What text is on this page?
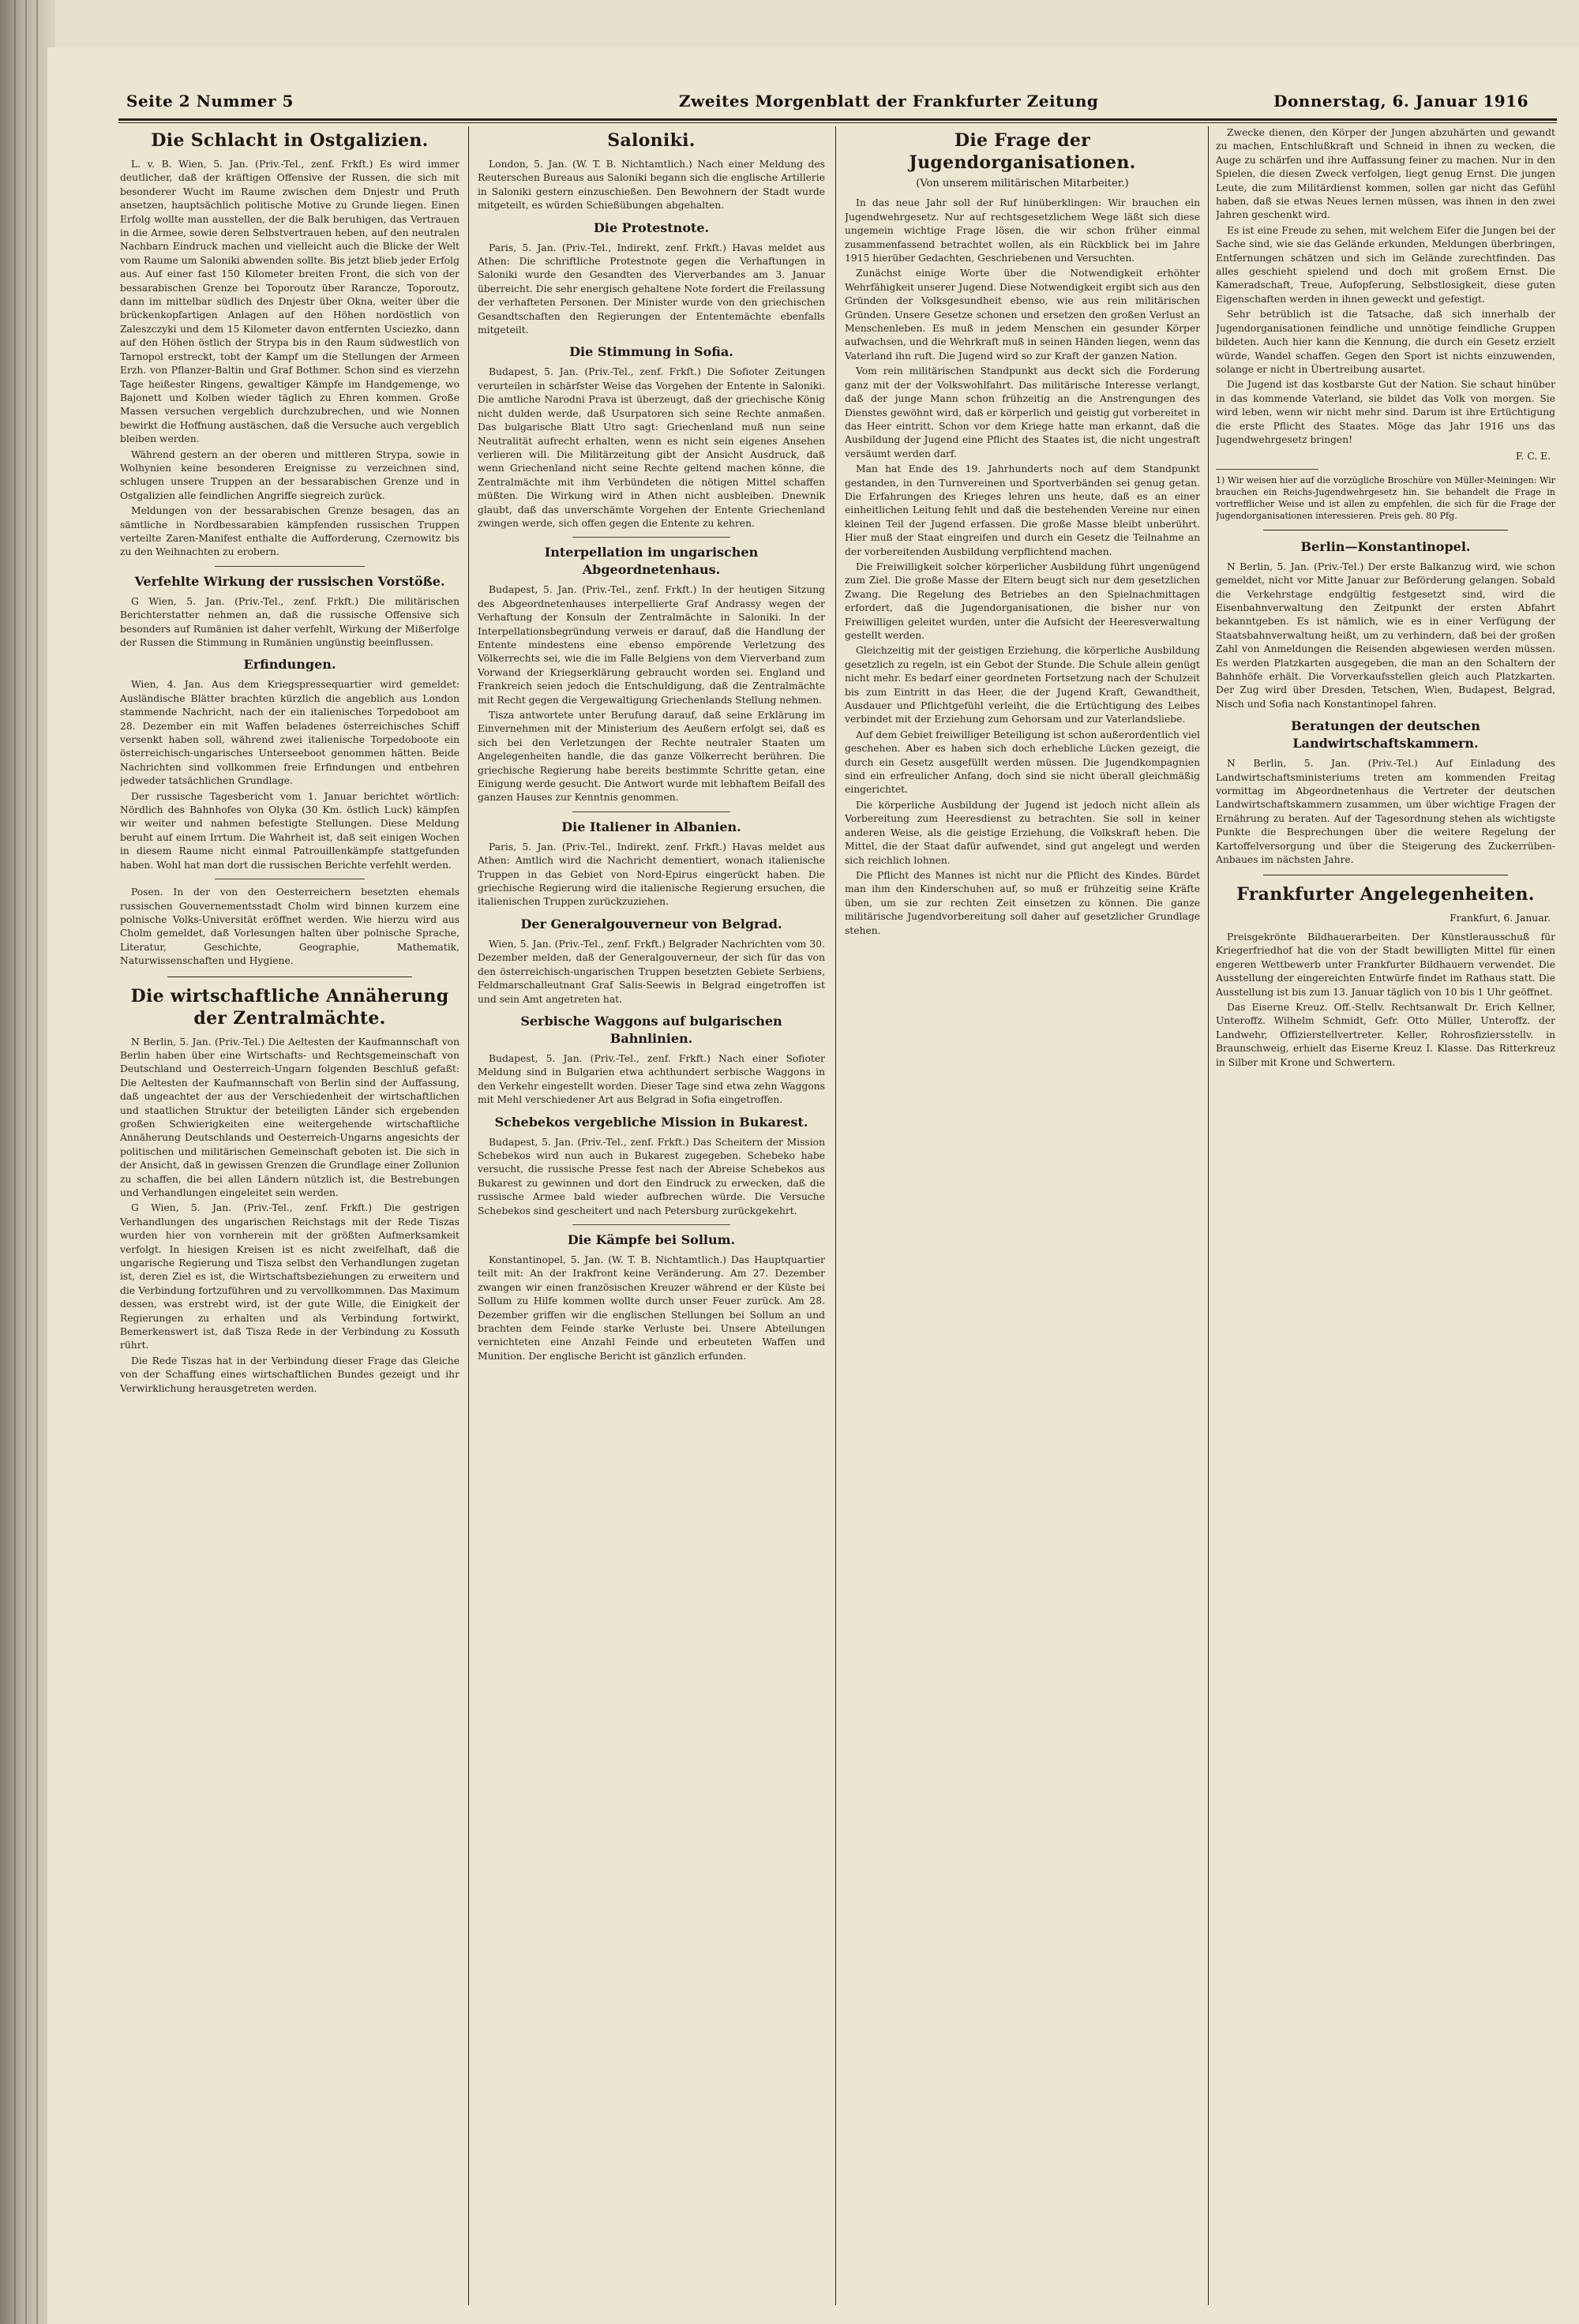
Seite 2 Nummer 5	Zweites Morgenblatt der Frankfurter Zeitung	Donnerstag, 6. Januar 1916
Die Schlacht in Ostgalizien.

L. v. B. Wien, 5. Jan. (Priv.-Tel., zenf. Frkft.) Es wird immer deutlicher, daß der kräftigen Offensive der Russen, die sich mit besonderer Wucht im Raume zwischen dem Dnjestr und Pruth ansetzen, hauptsächlich politische Motive zu Grunde liegen. Einen Erfolg wollte man ausstellen, der die Balk beruhigen, das Vertrauen in die Armee, sowie deren Selbstvertrauen heben, auf den neutralen Nachbarn Eindruck machen und vielleicht auch die Blicke der Welt vom Raume um Saloniki abwenden sollte. Bis jetzt blieb jeder Erfolg aus. Auf einer fast 150 Kilometer breiten Front, die sich von der bessarabischen Grenze bei Toporoutz über Rarancze, Toporoutz, dann im mittelbar südlich des Dnjestr über Okna, weiter über die brückenkopfartigen Anlagen auf den Höhen nordöstlich von Zaleszczyki und dem 15 Kilometer davon entfernten Usciezko, dann auf den Höhen östlich der Strypa bis in den Raum südwestlich von Tarnopol erstreckt, tobt der Kampf um die Stellungen der Armeen Erzh. von Pflanzer-Baltin und Graf Bothmer. Schon sind es vierzehn Tage heißester Ringens, gewaltiger Kämpfe im Handgemenge, wo Bajonett und Kolben wieder täglich zu Ehren kommen. Große Massen versuchen vergeblich durchzubrechen, und wie Nonnen bewirkt die Hoffnung austäschen, daß die Versuche auch vergeblich bleiben werden.

Während gestern an der oberen und mittleren Strypa, sowie in Wolhynien keine besonderen Ereignisse zu verzeichnen sind, schlugen unsere Truppen an der bessarabischen Grenze und in Ostgalizien alle feindlichen Angriffe siegreich zurück.

Meldungen von der bessarabischen Grenze besagen, das an sämtliche in Nordbessarabien kämpfenden russischen Truppen verteilte Zaren-Manifest enthalte die Aufforderung, Czernowitz bis zu den Weihnachten zu erobern.

Verfehlte Wirkung der russischen Vorstöße.

G Wien, 5. Jan. (Priv.-Tel., zenf. Frkft.) Die militärischen Berichterstatter nehmen an, daß die russische Offensive sich besonders auf Rumänien ist daher verfehlt, Wirkung der Mißerfolge der Russen die Stimmung in Rumänien ungünstig beeinflussen.

Erfindungen.

Wien, 4. Jan. Aus dem Kriegspressequartier wird gemeldet: Ausländische Blätter brachten kürzlich die angeblich aus London stammende Nachricht, nach der ein italienisches Torpedoboot am 28. Dezember ein mit Waffen beladenes österreichisches Schiff versenkt haben soll, während zwei italienische Torpedoboote ein österreichisch-ungarisches Unterseeboot genommen hätten. Beide Nachrichten sind vollkommen freie Erfindungen und entbehren jedweder tatsächlichen Grundlage.

Der russische Tagesbericht vom 1. Januar berichtet wörtlich: Nördlich des Bahnhofes von Olyka (30 Km. östlich Luck) kämpfen wir weiter und nahmen befestigte Stellungen. Diese Meldung beruht auf einem Irrtum. Die Wahrheit ist, daß seit einigen Wochen in diesem Raume nicht einmal Patrouillenkämpfe stattgefunden haben. Wohl hat man dort die russischen Berichte verfehlt werden.

Posen. In der von den Oesterreichern besetzten ehemals russischen Gouvernementsstadt Cholm wird binnen kurzem eine polnische Volks-Universität eröffnet werden. Wie hierzu wird aus Cholm gemeldet, daß Vorlesungen halten über polnische Sprache, Literatur, Geschichte, Geographie, Mathematik, Naturwissenschaften und Hygiene.

Die wirtschaftliche Annäherung der Zentralmächte.

N Berlin, 5. Jan. (Priv.-Tel.) Die Aeltesten der Kaufmannschaft von Berlin haben über eine Wirtschafts- und Rechtsgemeinschaft von Deutschland und Oesterreich-Ungarn folgenden Beschluß gefaßt: Die Aeltesten der Kaufmannschaft von Berlin sind der Auffassung, daß ungeachtet der aus der Verschiedenheit der wirtschaftlichen und staatlichen Struktur der beteiligten Länder sich ergebenden großen Schwierigkeiten eine weitergehende wirtschaftliche Annäherung Deutschlands und Oesterreich-Ungarns angesichts der politischen und militärischen Gemeinschaft geboten ist. Die sich in der Ansicht, daß in gewissen Grenzen die Grundlage einer Zollunion zu schaffen, die bei allen Ländern nützlich ist, die Bestrebungen und Verhandlungen eingeleitet sein werden.

G Wien, 5. Jan. (Priv.-Tel., zenf. Frkft.) Die gestrigen Verhandlungen des ungarischen Reichstags mit der Rede Tiszas wurden hier von vornherein mit der größten Aufmerksamkeit verfolgt. In hiesigen Kreisen ist es nicht zweifelhaft, daß die ungarische Regierung und Tisza selbst den Verhandlungen zugetan ist, deren Ziel es ist, die Wirtschaftsbeziehungen zu erweitern und die Verbindung fortzuführen und zu vervollkommnen. Das Maximum dessen, was erstrebt wird, ist der gute Wille, die Einigkeit der Regierungen zu erhalten und als Verbindung fortwirkt, Bemerkenswert ist, daß Tisza Rede in der Verbindung zu Kossuth rührt.

Die Rede Tiszas hat in der Verbindung dieser Frage das Gleiche von der Schaffung eines wirtschaftlichen Bundes gezeigt und ihr Verwirklichung herausgetreten werden.

Saloniki.

London, 5. Jan. (W. T. B. Nichtamtlich.) Nach einer Meldung des Reuterschen Bureaus aus Saloniki begann sich die englische Artillerie in Saloniki gestern einzuschießen. Den Bewohnern der Stadt wurde mitgeteilt, es würden Schießübungen abgehalten.

Die Protestnote.

Paris, 5. Jan. (Priv.-Tel., Indirekt, zenf. Frkft.) Havas meldet aus Athen: Die schriftliche Protestnote gegen die Verhaftungen in Saloniki wurde den Gesandten des Vierverbandes am 3. Januar überreicht. Die sehr energisch gehaltene Note fordert die Freilassung der verhafteten Personen. Der Minister wurde von den griechischen Gesandtschaften den Regierungen der Ententemächte ebenfalls mitgeteilt.

Die Stimmung in Sofia.

Budapest, 5. Jan. (Priv.-Tel., zenf. Frkft.) Die Sofioter Zeitungen verurteilen in schärfster Weise das Vorgehen der Entente in Saloniki. Die amtliche Narodni Prava ist überzeugt, daß der griechische König nicht dulden werde, daß Usurpatoren sich seine Rechte anmaßen. Das bulgarische Blatt Utro sagt: Griechenland muß nun seine Neutralität aufrecht erhalten, wenn es nicht sein eigenes Ansehen verlieren will. Die Militärzeitung gibt der Ansicht Ausdruck, daß wenn Griechenland nicht seine Rechte geltend machen könne, die Zentralmächte mit ihm Verbündeten die nötigen Mittel schaffen müßten. Die Wirkung wird in Athen nicht ausbleiben. Dnewnik glaubt, daß das unverschämte Vorgehen der Entente Griechenland zwingen werde, sich offen gegen die Entente zu kehren.

Interpellation im ungarischen Abgeordnetenhaus.

Budapest, 5. Jan. (Priv.-Tel., zenf. Frkft.) In der heutigen Sitzung des Abgeordnetenhauses interpellierte Graf Andrassy wegen der Verhaftung der Konsuln der Zentralmächte in Saloniki. In der Interpellationsbegründung verweis er darauf, daß die Handlung der Entente mindestens eine ebenso empörende Verletzung des Völkerrechts sei, wie die im Falle Belgiens von dem Vierverband zum Vorwand der Kriegserklärung gebraucht worden sei. England und Frankreich seien jedoch die Entschuldigung, daß die Zentralmächte mit Recht gegen die Vergewaltigung Griechenlands Stellung nehmen.

Tisza antwortete unter Berufung darauf, daß seine Erklärung im Einvernehmen mit der Ministerium des Aeußern erfolgt sei, daß es sich bei den Verletzungen der Rechte neutraler Staaten um Angelegenheiten handle, die das ganze Völkerrecht berühren. Die griechische Regierung habe bereits bestimmte Schritte getan, eine Einigung werde gesucht. Die Antwort wurde mit lebhaftem Beifall des ganzen Hauses zur Kenntnis genommen.

Die Italiener in Albanien.

Paris, 5. Jan. (Priv.-Tel., Indirekt, zenf. Frkft.) Havas meldet aus Athen: Amtlich wird die Nachricht dementiert, wonach italienische Truppen in das Gebiet von Nord-Epirus eingerückt haben. Die griechische Regierung wird die italienische Regierung ersuchen, die italienischen Truppen zurückzuziehen.

Der Generalgouverneur von Belgrad.

Wien, 5. Jan. (Priv.-Tel., zenf. Frkft.) Belgrader Nachrichten vom 30. Dezember melden, daß der Generalgouverneur, der sich für das von den österreichisch-ungarischen Truppen besetzten Gebiete Serbiens, Feldmarschalleutnant Graf Salis-Seewis in Belgrad eingetroffen ist und sein Amt angetreten hat.

Serbische Waggons auf bulgarischen Bahnlinien.

Budapest, 5. Jan. (Priv.-Tel., zenf. Frkft.) Nach einer Sofioter Meldung sind in Bulgarien etwa achthundert serbische Waggons in den Verkehr eingestellt worden. Dieser Tage sind etwa zehn Waggons mit Mehl verschiedener Art aus Belgrad in Sofia eingetroffen.

Schebekos vergebliche Mission in Bukarest.

Budapest, 5. Jan. (Priv.-Tel., zenf. Frkft.) Das Scheitern der Mission Schebekos wird nun auch in Bukarest zugegeben. Schebeko habe versucht, die russische Presse fest nach der Abreise Schebekos aus Bukarest zu gewinnen und dort den Eindruck zu erwecken, daß die russische Armee bald wieder aufbrechen würde. Die Versuche Schebekos sind gescheitert und nach Petersburg zurückgekehrt.

Die Kämpfe bei Sollum.

Konstantinopel, 5. Jan. (W. T. B. Nichtamtlich.) Das Hauptquartier teilt mit: An der Irakfront keine Veränderung. Am 27. Dezember zwangen wir einen französischen Kreuzer während er der Küste bei Sollum zu Hilfe kommen wollte durch unser Feuer zurück. Am 28. Dezember griffen wir die englischen Stellungen bei Sollum an und brachten dem Feinde starke Verluste bei. Unsere Abteilungen vernichteten eine Anzahl Feinde und erbeuteten Waffen und Munition. Der englische Bericht ist gänzlich erfunden.

Die Frage der Jugendorganisationen.
(Von unserem militärischen Mitarbeiter.)

In das neue Jahr soll der Ruf hinüberklingen: Wir brauchen ein Jugendwehrgesetz. Nur auf rechtsgesetzlichem Wege läßt sich diese ungemein wichtige Frage lösen, die wir schon früher einmal zusammenfassend betrachtet wollen, als ein Rückblick bei im Jahre 1915 hierüber Gedachten, Geschriebenen und Versuchten.

Zunächst einige Worte über die Notwendigkeit erhöhter Wehrfähigkeit unserer Jugend. Diese Notwendigkeit ergibt sich aus den Gründen der Volksgesundheit ebenso, wie aus rein militärischen Gründen. Unsere Gesetze schonen und ersetzen den großen Verlust an Menschenleben. Es muß in jedem Menschen ein gesunder Körper aufwachsen, und die Wehrkraft muß in seinen Händen liegen, wenn das Vaterland ihn ruft. Die Jugend wird so zur Kraft der ganzen Nation.

Vom rein militärischen Standpunkt aus deckt sich die Forderung ganz mit der der Volkswohlfahrt. Das militärische Interesse verlangt, daß der junge Mann schon frühzeitig an die Anstrengungen des Dienstes gewöhnt wird, daß er körperlich und geistig gut vorbereitet in das Heer eintritt. Schon vor dem Kriege hatte man erkannt, daß die Ausbildung der Jugend eine Pflicht des Staates ist, die nicht ungestraft versäumt werden darf.

Man hat Ende des 19. Jahrhunderts noch auf dem Standpunkt gestanden, in den Turnvereinen und Sportverbänden sei genug getan. Die Erfahrungen des Krieges lehren uns heute, daß es an einer einheitlichen Leitung fehlt und daß die bestehenden Vereine nur einen kleinen Teil der Jugend erfassen. Die große Masse bleibt unberührt. Hier muß der Staat eingreifen und durch ein Gesetz die Teilnahme an der vorbereitenden Ausbildung verpflichtend machen.

Die Freiwilligkeit solcher körperlicher Ausbildung führt ungenügend zum Ziel. Die große Masse der Eltern beugt sich nur dem gesetzlichen Zwang. Die Regelung des Betriebes an den Spielnachmittagen erfordert, daß die Jugendorganisationen, die bisher nur von Freiwilligen geleitet wurden, unter die Aufsicht der Heeresverwaltung gestellt werden.

Gleichzeitig mit der geistigen Erziehung, die körperliche Ausbildung gesetzlich zu regeln, ist ein Gebot der Stunde. Die Schule allein genügt nicht mehr. Es bedarf einer geordneten Fortsetzung nach der Schulzeit bis zum Eintritt in das Heer, die der Jugend Kraft, Gewandtheit, Ausdauer und Pflichtgefühl verleiht, die die Ertüchtigung des Leibes verbindet mit der Erziehung zum Gehorsam und zur Vaterlandsliebe.

Auf dem Gebiet freiwilliger Beteiligung ist schon außerordentlich viel geschehen. Aber es haben sich doch erhebliche Lücken gezeigt, die durch ein Gesetz ausgefüllt werden müssen. Die Jugendkompagnien sind ein erfreulicher Anfang, doch sind sie nicht überall gleichmäßig eingerichtet.

Die körperliche Ausbildung der Jugend ist jedoch nicht allein als Vorbereitung zum Heeresdienst zu betrachten. Sie soll in keiner anderen Weise, als die geistige Erziehung, die Volkskraft heben. Die Mittel, die der Staat dafür aufwendet, sind gut angelegt und werden sich reichlich lohnen.

Die Pflicht des Mannes ist nicht nur die Pflicht des Kindes. Bürdet man ihm den Kinderschuhen auf, so muß er frühzeitig seine Kräfte üben, um sie zur rechten Zeit einsetzen zu können. Die ganze militärische Jugendvorbereitung soll daher auf gesetzlicher Grundlage stehen.

Zwecke dienen, den Körper der Jungen abzuhärten und gewandt zu machen, Entschlußkraft und Schneid in ihnen zu wecken, die Auge zu schärfen und ihre Auffassung feiner zu machen. Nur in den Spielen, die diesen Zweck verfolgen, liegt genug Ernst. Die jungen Leute, die zum Militärdienst kommen, sollen gar nicht das Gefühl haben, daß sie etwas Neues lernen müssen, was ihnen in den zwei Jahren geschenkt wird.

Es ist eine Freude zu sehen, mit welchem Eifer die Jungen bei der Sache sind, wie sie das Gelände erkunden, Meldungen überbringen, Entfernungen schätzen und sich im Gelände zurechtfinden. Das alles geschieht spielend und doch mit großem Ernst. Die Kameradschaft, Treue, Aufopferung, Selbstlosigkeit, diese guten Eigenschaften werden in ihnen geweckt und gefestigt.

Sehr betrüblich ist die Tatsache, daß sich innerhalb der Jugendorganisationen feindliche und unnötige feindliche Gruppen bildeten. Auch hier kann die Kennung, die durch ein Gesetz erzielt würde, Wandel schaffen. Gegen den Sport ist nichts einzuwenden, solange er nicht in Übertreibung ausartet.

Die Jugend ist das kostbarste Gut der Nation. Sie schaut hinüber in das kommende Vaterland, sie bildet das Volk von morgen. Sie wird leben, wenn wir nicht mehr sind. Darum ist ihre Ertüchtigung die erste Pflicht des Staates. Möge das Jahr 1916 uns das Jugendwehrgesetz bringen!

F. C. E.
1) Wir weisen hier auf die vorzügliche Broschüre von Müller-Meiningen: Wir brauchen ein Reichs-Jugendwehrgesetz hin. Sie behandelt die Frage in vortrefflicher Weise und ist allen zu empfehlen, die sich für die Frage der Jugendorganisationen interessieren. Preis geh. 80 Pfg.
Berlin—Konstantinopel.

N Berlin, 5. Jan. (Priv.-Tel.) Der erste Balkanzug wird, wie schon gemeldet, nicht vor Mitte Januar zur Beförderung gelangen. Sobald die Verkehrstage endgültig festgesetzt sind, wird die Eisenbahnverwaltung den Zeitpunkt der ersten Abfahrt bekanntgeben. Es ist nämlich, wie es in einer Verfügung der Staatsbahnverwaltung heißt, um zu verhindern, daß bei der großen Zahl von Anmeldungen die Reisenden abgewiesen werden müssen. Es werden Platzkarten ausgegeben, die man an den Schaltern der Bahnhöfe erhält. Die Vorverkaufsstellen gleich auch Platzkarten. Der Zug wird über Dresden, Tetschen, Wien, Budapest, Belgrad, Nisch und Sofia nach Konstantinopel fahren.

Beratungen der deutschen Landwirtschaftskammern.

N Berlin, 5. Jan. (Priv.-Tel.) Auf Einladung des Landwirtschaftsministeriums treten am kommenden Freitag vormittag im Abgeordnetenhaus die Vertreter der deutschen Landwirtschaftskammern zusammen, um über wichtige Fragen der Ernährung zu beraten. Auf der Tagesordnung stehen als wichtigste Punkte die Besprechungen über die weitere Regelung der Kartoffelversorgung und über die Steigerung des Zuckerrüben-Anbaues im nächsten Jahre.

Frankfurter Angelegenheiten.
Frankfurt, 6. Januar.

Preisgekrönte Bildhauerarbeiten. Der Künstlerausschuß für Kriegerfriedhof hat die von der Stadt bewilligten Mittel für einen engeren Wettbewerb unter Frankfurter Bildhauern verwendet. Die Ausstellung der eingereichten Entwürfe findet im Rathaus statt. Die Ausstellung ist bis zum 13. Januar täglich von 10 bis 1 Uhr geöffnet.

Das Eiserne Kreuz. Off.-Stellv. Rechtsanwalt Dr. Erich Kellner, Unteroffz. Wilhelm Schmidt, Gefr. Otto Müller, Unteroffz. der Landwehr, Offizierstellvertreter. Keller, Rohrosfiziersstellv. in Braunschweig, erhielt das Eiserne Kreuz I. Klasse. Das Ritterkreuz in Silber mit Krone und Schwertern.
